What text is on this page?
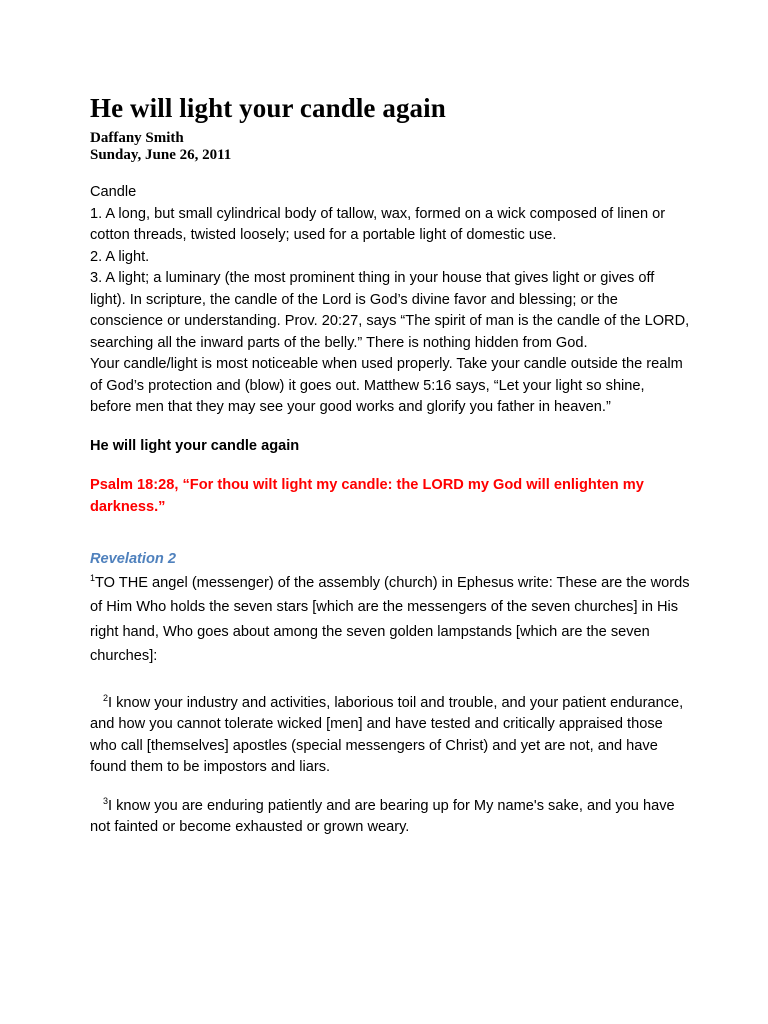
He will light your candle again

Daffany Smith

Sunday, June 26, 2011

Candle

1. A long, but small cylindrical body of tallow, wax, formed on a wick composed of linen or cotton threads, twisted loosely; used for a portable light of domestic use.

2. A light.

3. A light; a luminary (the most prominent thing in your house that gives light or gives off light). In scripture, the candle of the Lord is God’s divine favor and blessing; or the conscience or understanding. Prov. 20:27, says “The spirit of man is the candle of the LORD, searching all the inward parts of the belly.” There is nothing hidden from God.

Your candle/light is most noticeable when used properly. Take your candle outside the realm of God’s protection and (blow) it goes out. Matthew 5:16 says, “Let your light so shine, before men that they may see your good works and glorify you father in heaven.”

He will light your candle again

Psalm 18:28, “For thou wilt light my candle: the LORD my God will enlighten my darkness.”

Revelation 2

$^1$TO THE angel (messenger) of the assembly (church) in Ephesus write: These are the words of Him Who holds the seven stars [which are the messengers of the seven churches] in His right hand, Who goes about among the seven golden lampstands [which are the seven churches]:

$^2$I know your industry and activities, laborious toil and trouble, and your patient endurance, and how you cannot tolerate wicked [men] and have tested and critically appraised those who call [themselves] apostles (special messengers of Christ) and yet are not, and have found them to be impostors and liars.

$^3$I know you are enduring patiently and are bearing up for My name's sake, and you have not fainted or become exhausted or grown weary.
